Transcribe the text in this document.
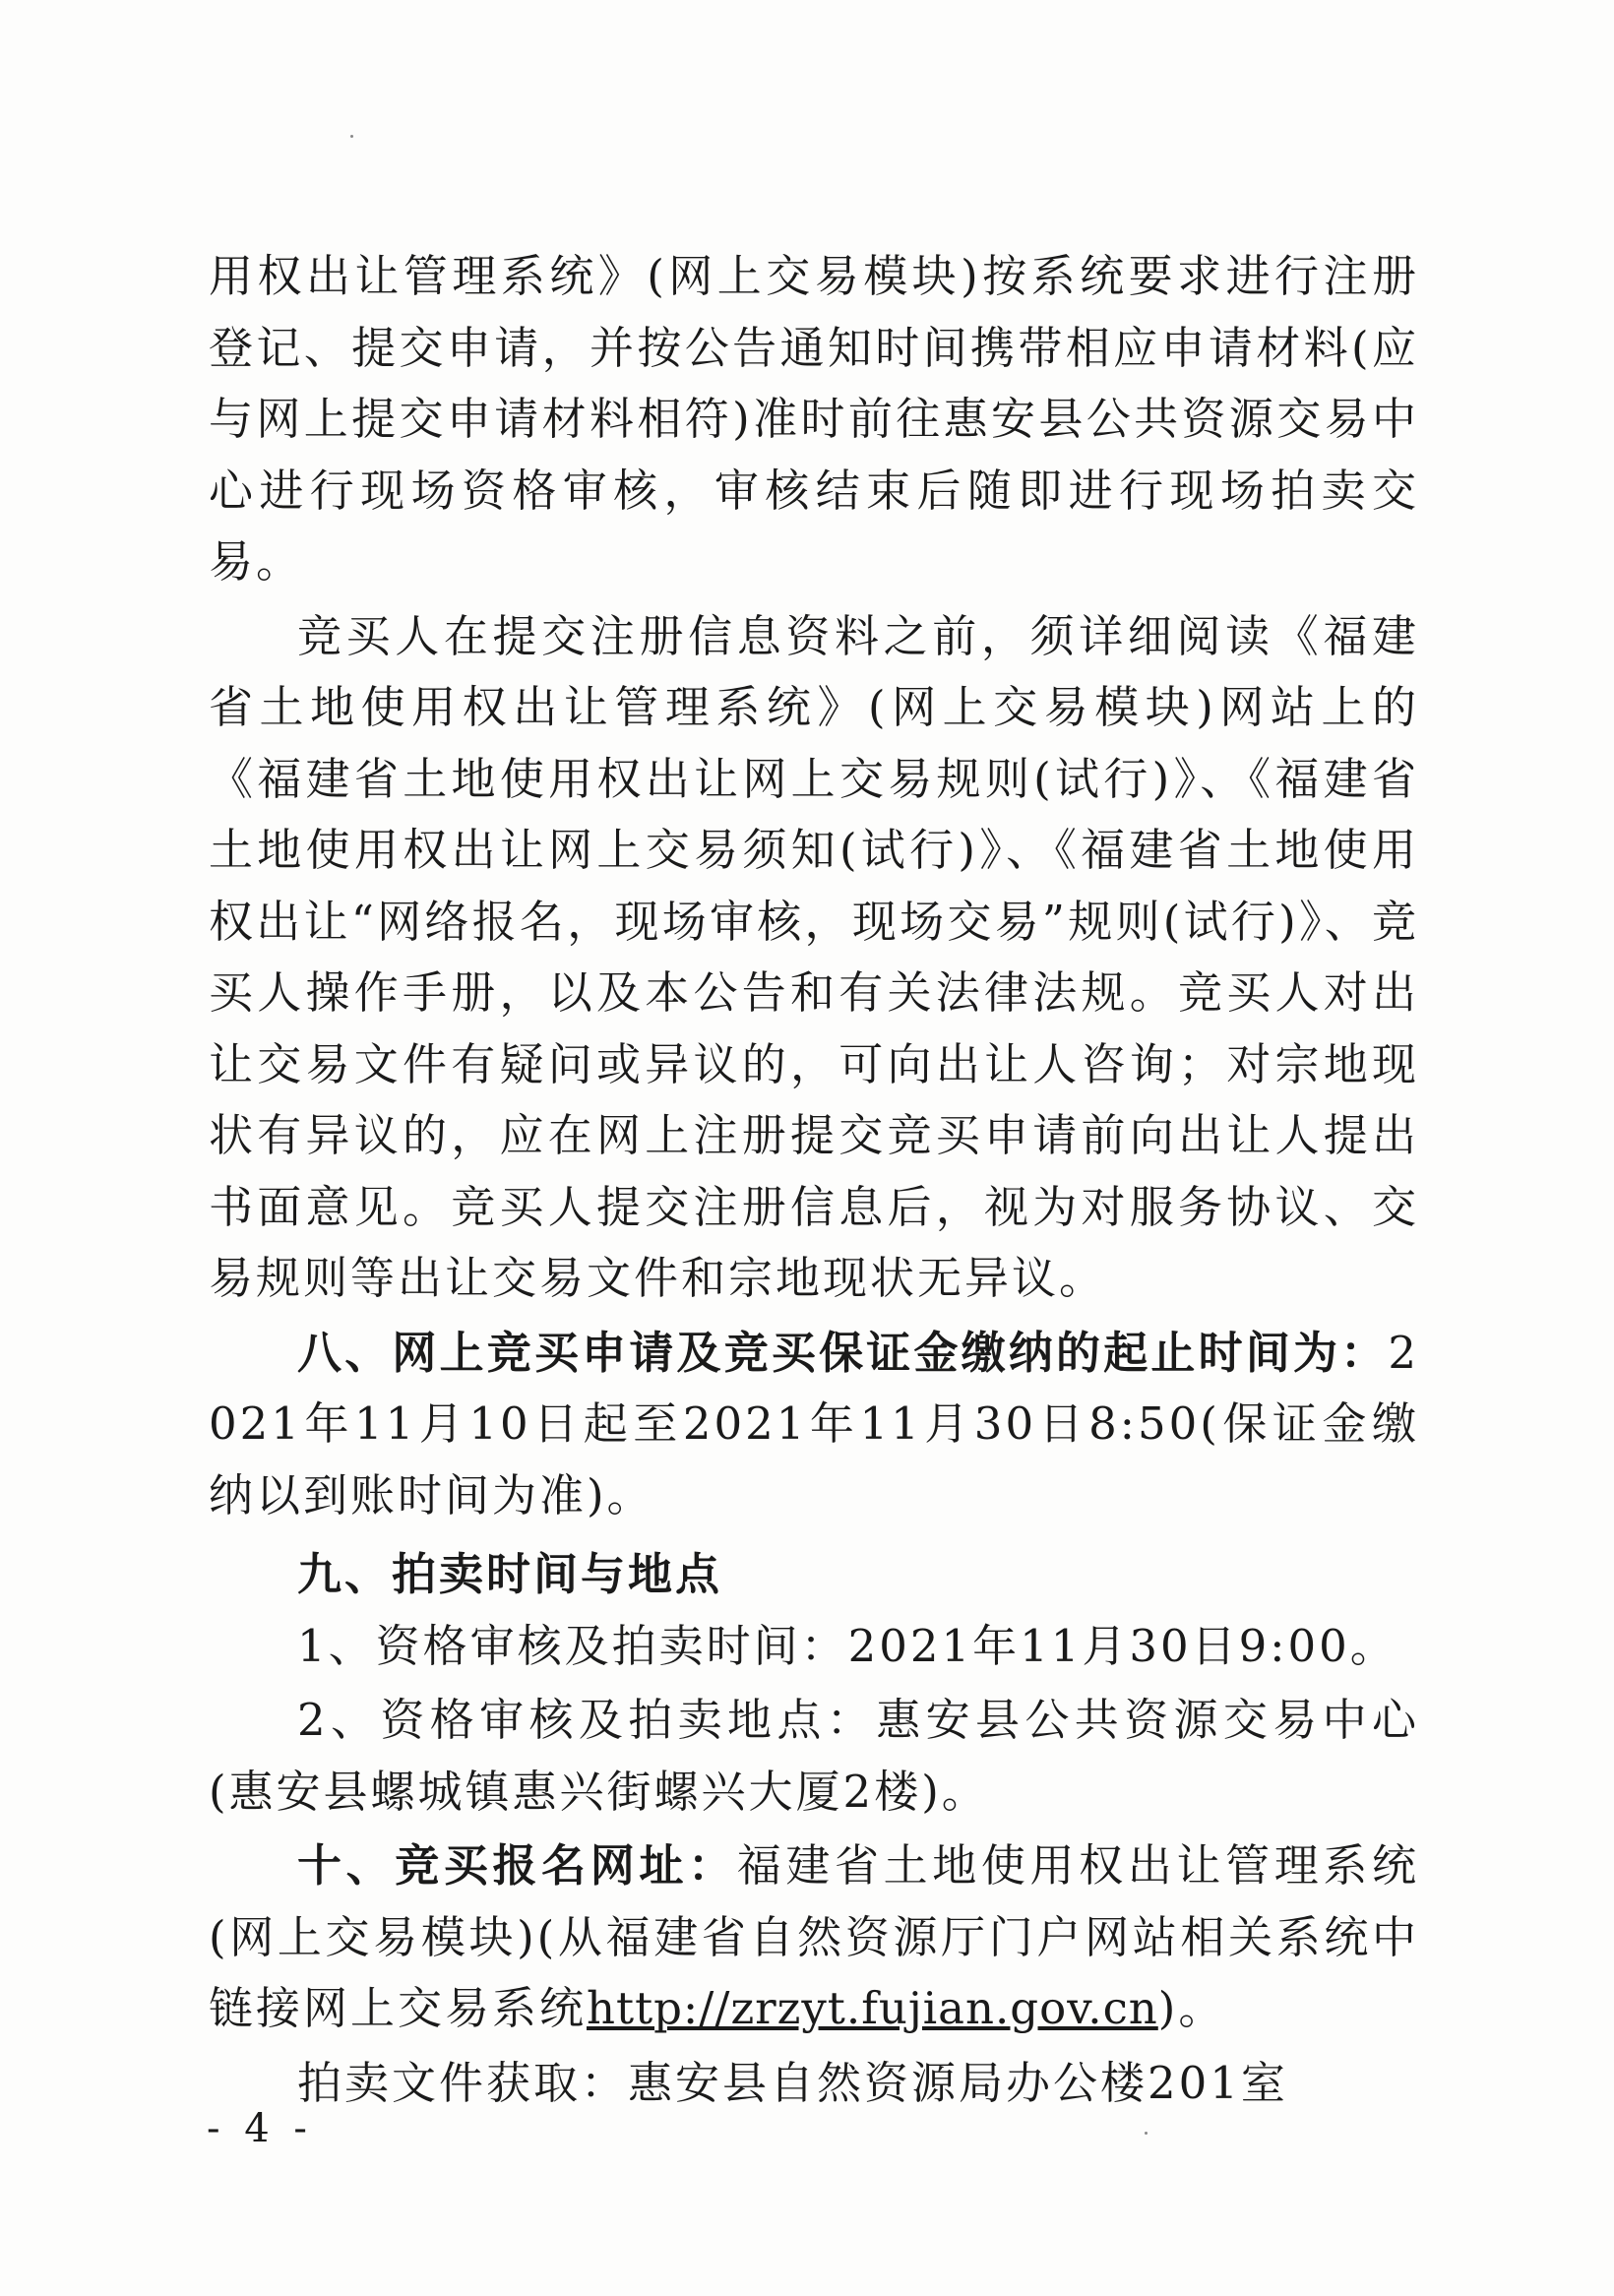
用权出让管理系统》(网上交易模块)按系统要求进行注册登记、提交申请，并按公告通知时间携带相应申请材料(应与网上提交申请材料相符)准时前往惠安县公共资源交易中心进行现场资格审核，审核结束后随即进行现场拍卖交易。

竞买人在提交注册信息资料之前，须详细阅读《福建省土地使用权出让管理系统》(网上交易模块)网站上的《福建省土地使用权出让网上交易规则(试行)》、《福建省土地使用权出让网上交易须知(试行)》、《福建省土地使用权出让“网络报名，现场审核，现场交易”规则(试行)》、竞买人操作手册，以及本公告和有关法律法规。竞买人对出让交易文件有疑问或异议的，可向出让人咨询；对宗地现状有异议的，应在网上注册提交竞买申请前向出让人提出书面意见。竞买人提交注册信息后，视为对服务协议、交易规则等出让交易文件和宗地现状无异议。

八、网上竞买申请及竞买保证金缴纳的起止时间为：2021年11月10日起至2021年11月30日8:50(保证金缴纳以到账时间为准)。

九、拍卖时间与地点

1、资格审核及拍卖时间：2021年11月30日9:00。

2、资格审核及拍卖地点：惠安县公共资源交易中心(惠安县螺城镇惠兴街螺兴大厦2楼)。

十、竞买报名网址：福建省土地使用权出让管理系统(网上交易模块)(从福建省自然资源厅门户网站相关系统中链接网上交易系统http://zrzyt.fujian.gov.cn)。

拍卖文件获取：惠安县自然资源局办公楼201室

- 4 -
